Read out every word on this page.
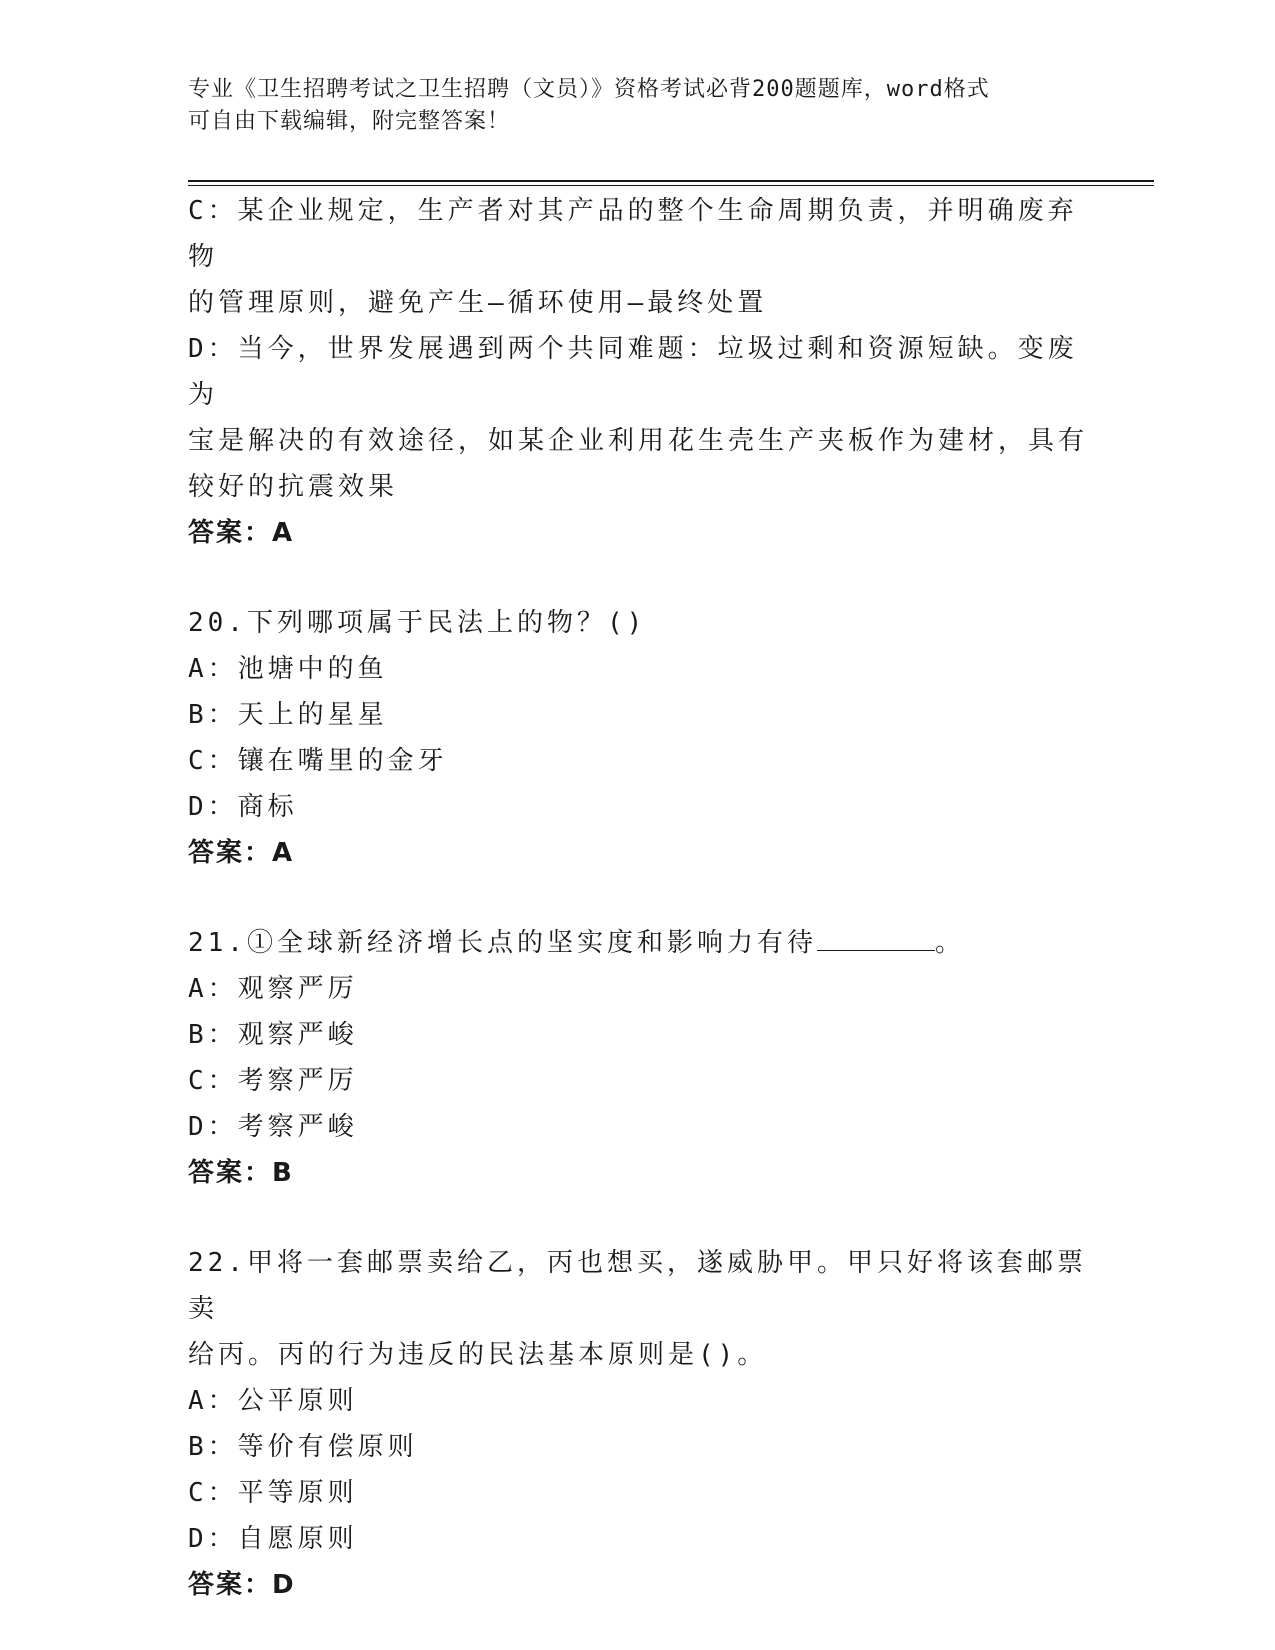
专业《卫生招聘考试之卫生招聘（文员）》资格考试必背200题题库，word格式
可自由下载编辑，附完整答案！
C：某企业规定，生产者对其产品的整个生命周期负责，并明确废弃物
的管理原则，避免产生—循环使用—最终处置
D：当今，世界发展遇到两个共同难题：垃圾过剩和资源短缺。变废为
宝是解决的有效途径，如某企业利用花生壳生产夹板作为建材，具有
较好的抗震效果
答案：A
20.下列哪项属于民法上的物？()
A：池塘中的鱼
B：天上的星星
C：镶在嘴里的金牙
D：商标
答案：A
21.①全球新经济增长点的坚实度和影响力有待	。
A：观察严厉
B：观察严峻
C：考察严厉
D：考察严峻
答案：B
22.甲将一套邮票卖给乙，丙也想买，遂威胁甲。甲只好将该套邮票卖
给丙。丙的行为违反的民法基本原则是()。
A：公平原则
B：等价有偿原则
C：平等原则
D：自愿原则
答案：D
